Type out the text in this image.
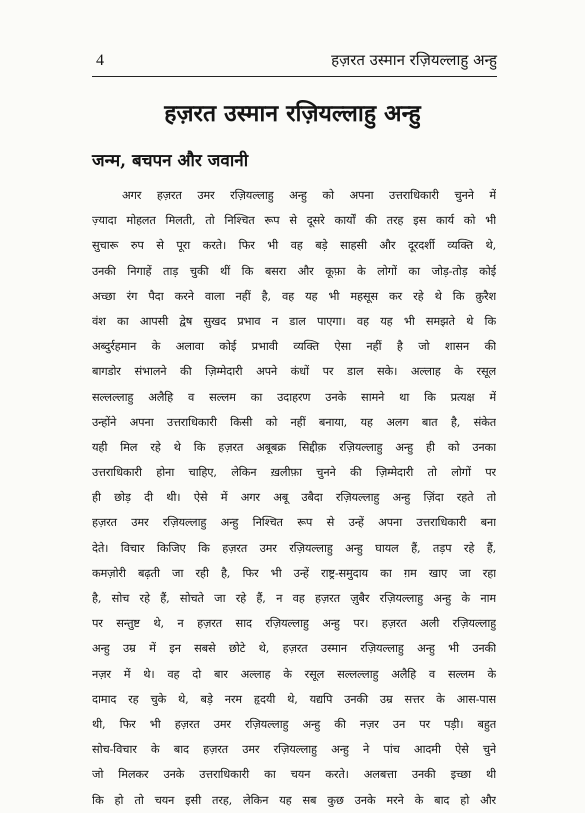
4	हज़रत उस्मान रज़ियल्लाहु अन्हु
हज़रत उस्मान रज़ियल्लाहु अन्हु
जन्म, बचपन और जवानी
अगर हज़रत उमर रज़ियल्लाहु अन्हु को अपना उत्तराधिकारी चुनने में
ज़्यादा मोहलत मिलती, तो निश्चित रूप से दूसरे कार्यों की तरह इस कार्य को भी
सुचारू रुप से पूरा करते। फिर भी वह बड़े साहसी और दूरदर्शी व्यक्ति थे,
उनकी निगाहें ताड़ चुकी थीं कि बसरा और कूफ़ा के लोगों का जोड़-तोड़ कोई
अच्छा रंग पैदा करने वाला नहीं है, वह यह भी महसूस कर रहे थे कि क़ुरैश
वंश का आपसी द्वेष सुखद प्रभाव न डाल पाएगा। वह यह भी समझते थे कि
अब्दुर्रहमान के अलावा कोई प्रभावी व्यक्ति ऐसा नहीं है जो शासन की
बागडोर संभालने की ज़िम्मेदारी अपने कंधों पर डाल सके। अल्लाह के रसूल
सल्लल्लाहु अलैहि व सल्लम का उदाहरण उनके सामने था कि प्रत्यक्ष में
उन्होंने अपना उत्तराधिकारी किसी को नहीं बनाया, यह अलग बात है, संकेत
यही मिल रहे थे कि हज़रत अबूबक्र सिद्दीक़ रज़ियल्लाहु अन्हु ही को उनका
उत्तराधिकारी होना चाहिए, लेकिन ख़लीफ़ा चुनने की ज़िम्मेदारी तो लोगों पर
ही छोड़ दी थी। ऐसे में अगर अबू उबैदा रज़ियल्लाहु अन्हु ज़िंदा रहते तो
हज़रत उमर रज़ियल्लाहु अन्हु निश्चित रूप से उन्हें अपना उत्तराधिकारी बना
देते। विचार किजिए कि हज़रत उमर रज़ियल्लाहु अन्हु घायल हैं, तड़प रहे हैं,
कमज़ोरी बढ़ती जा रही है, फिर भी उन्हें राष्ट्र-समुदाय का ग़म खाए जा रहा
है, सोच रहे हैं, सोचते जा रहे हैं, न वह हज़रत ज़ुबैर रज़ियल्लाहु अन्हु के नाम
पर सन्तुष्ट थे, न हज़रत साद रज़ियल्लाहु अन्हु पर। हज़रत अली रज़ियल्लाहु
अन्हु उम्र में इन सबसे छोटे थे, हज़रत उस्मान रज़ियल्लाहु अन्हु भी उनकी
नज़र में थे। वह दो बार अल्लाह के रसूल सल्लल्लाहु अलैहि व सल्लम के
दामाद रह चुके थे, बड़े नरम हृदयी थे, यद्यपि उनकी उम्र सत्तर के आस-पास
थी, फिर भी हज़रत उमर रज़ियल्लाहु अन्हु की नज़र उन पर पड़ी। बहुत
सोच-विचार के बाद हज़रत उमर रज़ियल्लाहु अन्हु ने पांच आदमी ऐसे चुने
जो मिलकर उनके उत्तराधिकारी का चयन करते। अलबत्ता उनकी इच्छा थी
कि हो तो चयन इसी तरह, लेकिन यह सब कुछ उनके मरने के बाद हो और
